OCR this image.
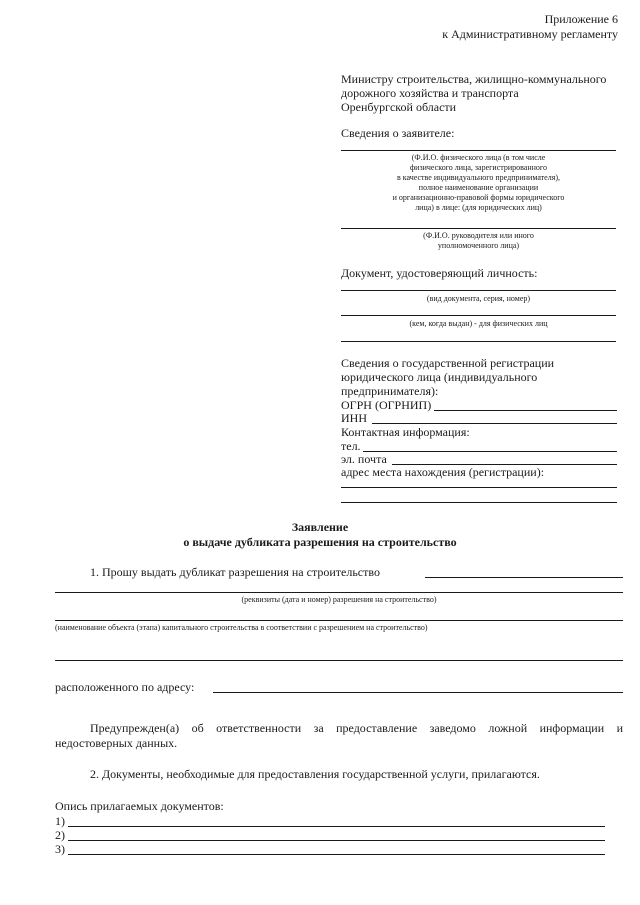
Приложение 6
к Административному регламенту
Министру строительства, жилищно-коммунального
дорожного хозяйства и транспорта
Оренбургской области
Сведения о заявителе:
(Ф.И.О. физического лица (в том числе
физического лица, зарегистрированного
в качестве индивидуального предпринимателя),
полное наименование организации
и организационно-правовой формы юридического
лица) в лице: (для юридических лиц)
(Ф.И.О. руководителя или иного
уполномоченного лица)
Документ, удостоверяющий личность:
(вид документа, серия, номер)
(кем, когда выдан) - для физических лиц
Сведения о государственной регистрации
юридического лица (индивидуального
предпринимателя):
ОГРН (ОГРНИП)
ИНН
Контактная информация:
тел.
эл. почта
адрес места нахождения (регистрации):
Заявление
о выдаче дубликата разрешения на строительство
1. Прошу выдать дубликат разрешения на строительство
(реквизиты (дата и номер) разрешения на строительство)
(наименование объекта (этапа) капитального строительства в соответствии с разрешением на строительство)
расположенного по адресу:
Предупрежден(а) об ответственности за предоставление заведомо ложной информации и недостоверных данных.
2. Документы, необходимые для предоставления государственной услуги, прилагаются.
Опись прилагаемых документов:
1)
2)
3)
